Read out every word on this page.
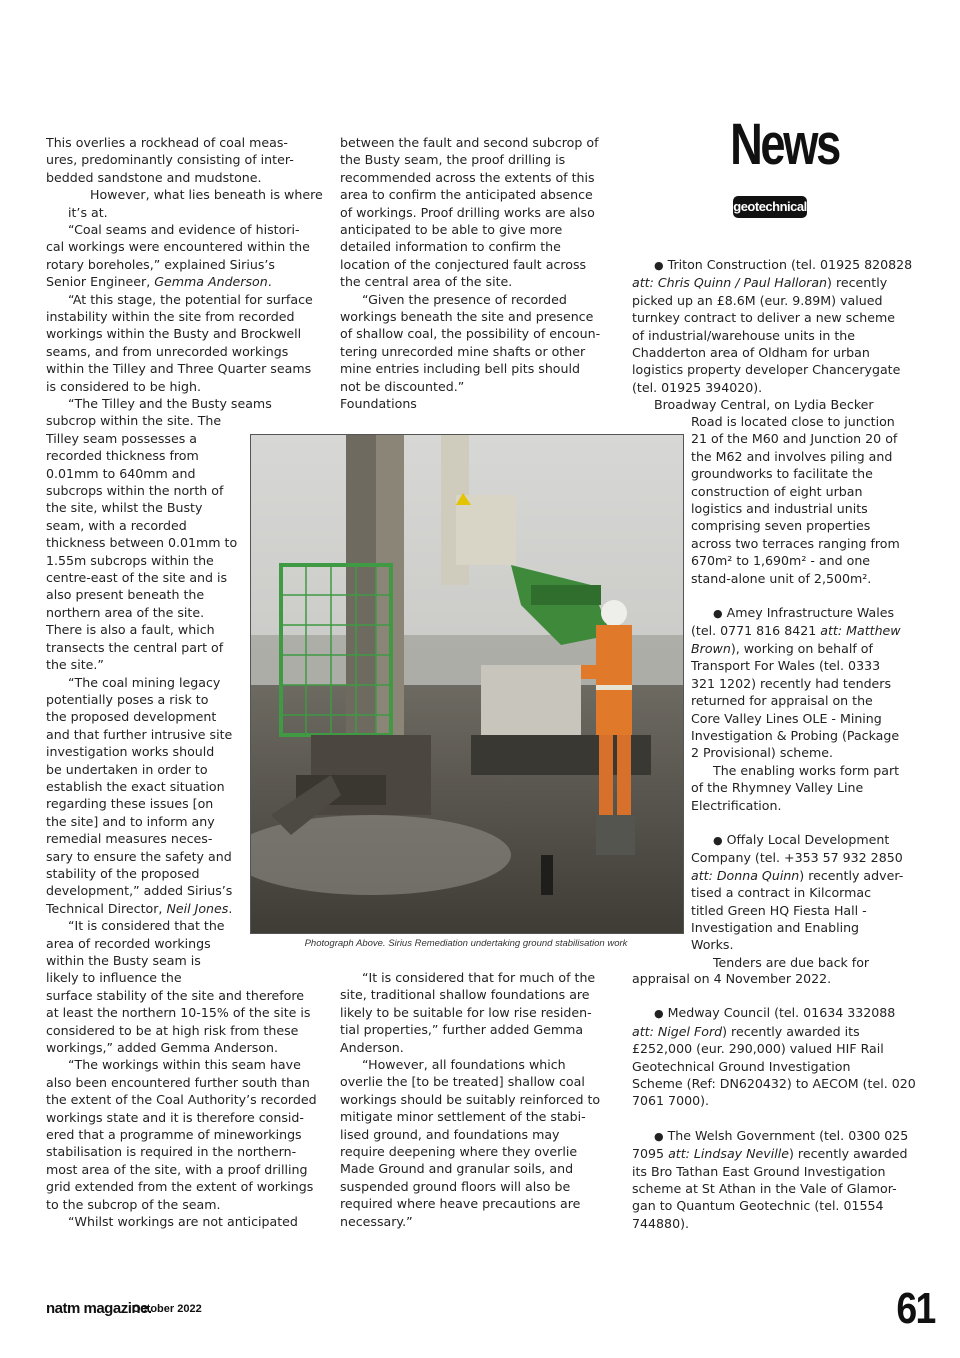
News
geotechnical

This overlies a rockhead of coal meas-
ures, predominantly consisting of inter-
bedded sandstone and mudstone.

However, what lies beneath is where
it’s at.

“Coal seams and evidence of histori-
cal workings were encountered within the
rotary boreholes,” explained Sirius’s
Senior Engineer, Gemma Anderson.

“At this stage, the potential for surface
instability within the site from recorded
workings within the Busty and Brockwell
seams, and from unrecorded workings
within the Tilley and Three Quarter seams
is considered to be high.

“The Tilley and the Busty seams
subcrop within the site. The
Tilley seam possesses a
recorded thickness from
0.01mm to 640mm and
subcrops within the north of
the site, whilst the Busty
seam, with a recorded
thickness between 0.01mm to
1.55m subcrops within the
centre-east of the site and is
also present beneath the
northern area of the site.
There is also a fault, which
transects the central part of
the site.”

“The coal mining legacy
potentially poses a risk to
the proposed development
and that further intrusive site
investigation works should
be undertaken in order to
establish the exact situation
regarding these issues [on
the site] and to inform any
remedial measures neces-
sary to ensure the safety and
stability of the proposed
development,” added Sirius’s
Technical Director, Neil Jones.

“It is considered that the
area of recorded workings
within the Busty seam is
likely to influence the
surface stability of the site and therefore
at least the northern 10-15% of the site is
considered to be at high risk from these
workings,” added Gemma Anderson.

“The workings within this seam have
also been encountered further south than
the extent of the Coal Authority’s recorded
workings state and it is therefore consid-
ered that a programme of mineworkings
stabilisation is required in the northern-
most area of the site, with a proof drilling
grid extended from the extent of workings
to the subcrop of the seam.

“Whilst workings are not anticipated

between the fault and second subcrop of
the Busty seam, the proof drilling is
recommended across the extents of this
area to confirm the anticipated absence
of workings. Proof drilling works are also
anticipated to be able to give more
detailed information to confirm the
location of the conjectured fault across
the central area of the site.

“Given the presence of recorded
workings beneath the site and presence
of shallow coal, the possibility of encoun-
tering unrecorded mine shafts or other
mine entries including bell pits should
not be discounted.”

Foundations

“It is considered that for much of the
site, traditional shallow foundations are
likely to be suitable for low rise residen-
tial properties,” further added Gemma
Anderson.

“However, all foundations which
overlie the [to be treated] shallow coal
workings should be suitably reinforced to
mitigate minor settlement of the stabi-
lised ground, and foundations may
require deepening where they overlie
Made Ground and granular soils, and
suspended ground floors will also be
required where heave precautions are
necessary.”

Photograph Above. Sirius Remediation undertaking ground stabilisation work

● Triton Construction (tel. 01925 820828
att: Chris Quinn / Paul Halloran) recently
picked up an £8.6M (eur. 9.89M) valued
turnkey contract to deliver a new scheme
of industrial/warehouse units in the
Chadderton area of Oldham for urban
logistics property developer Chancerygate
(tel. 01925 394020).
Broadway Central, on Lydia Becker

Road is located close to junction
21 of the M60 and Junction 20 of
the M62 and involves piling and
groundworks to facilitate the
construction of eight urban
logistics and industrial units
comprising seven properties
across two terraces ranging from
670m² to 1,690m² - and one
stand-alone unit of 2,500m².

● Amey Infrastructure Wales
(tel. 0771 816 8421 att: Matthew
Brown), working on behalf of
Transport For Wales (tel. 0333
321 1202) recently had tenders
returned for appraisal on the
Core Valley Lines OLE - Mining
Investigation & Probing (Package
2 Provisional) scheme.

The enabling works form part
of the Rhymney Valley Line
Electrification.

● Offaly Local Development
Company (tel. +353 57 932 2850
att: Donna Quinn) recently adver-
tised a contract in Kilcormac
titled Green HQ Fiesta Hall -
Investigation and Enabling
Works.
Tenders are due back for

appraisal on 4 November 2022.

● Medway Council (tel. 01634 332088
att: Nigel Ford) recently awarded its
£252,000 (eur. 290,000) valued HIF Rail
Geotechnical Ground Investigation
Scheme (Ref: DN620432) to AECOM (tel. 020
7061 7000).

● The Welsh Government (tel. 0300 025
7095 att: Lindsay Neville) recently awarded
its Bro Tathan East Ground Investigation
scheme at St Athan in the Vale of Glamor-
gan to Quantum Geotechnic (tel. 01554
744880).

natm magazine.
October 2022	61
